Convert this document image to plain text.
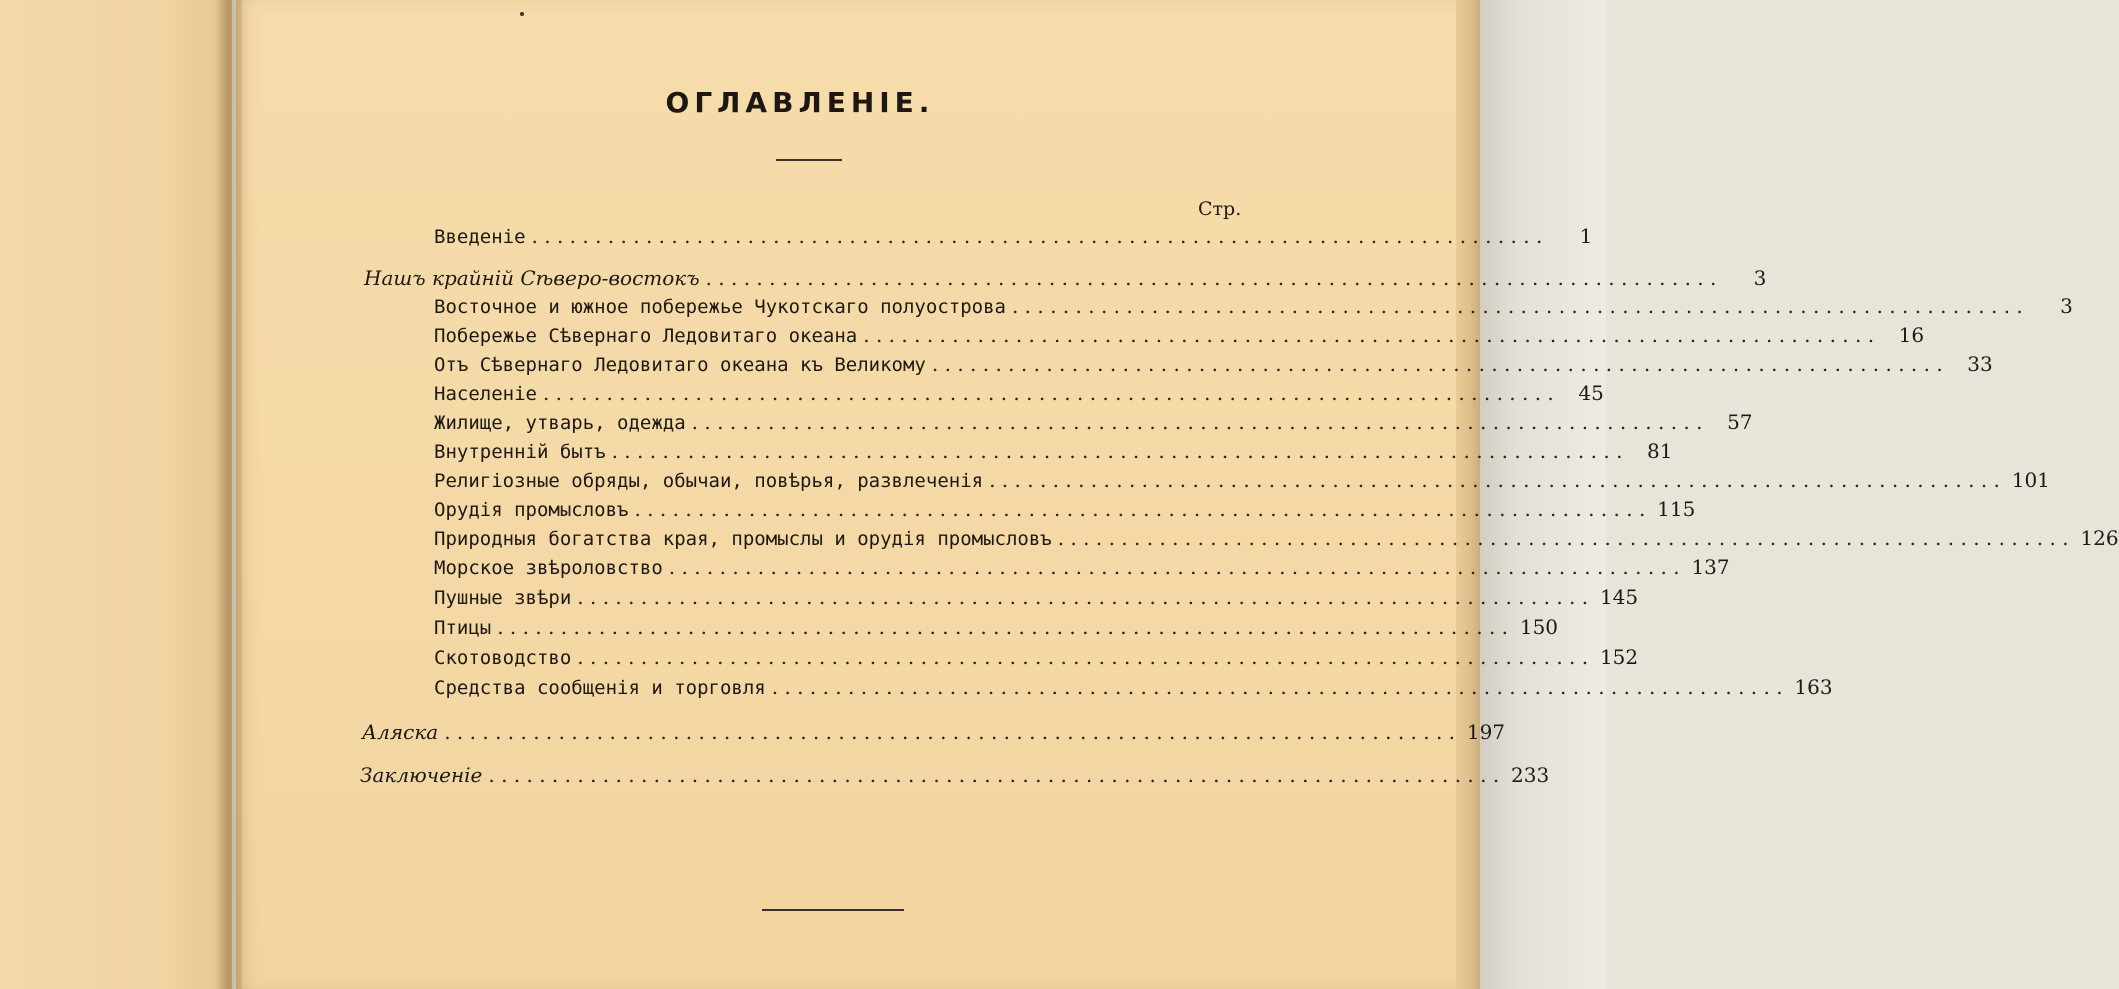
ОГЛАВЛЕНІЕ.
Стр.
Введеніе . . . . . . . . . . . . . . . . . . . . . . . . . . . . . . . . . . . . . . . . . . . . . . . . . . . . . . . . . . . . . . . . . . . . . . . . . . . . . . . .	1
Нашъ крайній Сѣверо-востокъ . . . . . . . . . . . . . . . . . . . . . . . . . . . . . . . . . . . . . . . . . . . . . . . . . . . . . . . . . . . . . . . . . . . . . . . . . . . . . . . .	3
Восточное и южное побережье Чукотскаго полуострова . . . . . . . . . . . . . . . . . . . . . . . . . . . . . . . . . . . . . . . . . . . . . . . . . . . . . . . . . . . . . . . . . . . . . . . . . . . . . . . .	3
Побережье Сѣвернаго Ледовитаго океана . . . . . . . . . . . . . . . . . . . . . . . . . . . . . . . . . . . . . . . . . . . . . . . . . . . . . . . . . . . . . . . . . . . . . . . . . . . . . . . .	16
Отъ Сѣвернаго Ледовитаго океана къ Великому . . . . . . . . . . . . . . . . . . . . . . . . . . . . . . . . . . . . . . . . . . . . . . . . . . . . . . . . . . . . . . . . . . . . . . . . . . . . . . . .	33
Населеніе . . . . . . . . . . . . . . . . . . . . . . . . . . . . . . . . . . . . . . . . . . . . . . . . . . . . . . . . . . . . . . . . . . . . . . . . . . . . . . . .	45
Жилище, утварь, одежда . . . . . . . . . . . . . . . . . . . . . . . . . . . . . . . . . . . . . . . . . . . . . . . . . . . . . . . . . . . . . . . . . . . . . . . . . . . . . . . .	57
Внутренній бытъ . . . . . . . . . . . . . . . . . . . . . . . . . . . . . . . . . . . . . . . . . . . . . . . . . . . . . . . . . . . . . . . . . . . . . . . . . . . . . . . .	81
Религіозные обряды, обычаи, повѣрья, развлеченія . . . . . . . . . . . . . . . . . . . . . . . . . . . . . . . . . . . . . . . . . . . . . . . . . . . . . . . . . . . . . . . . . . . . . . . . . . . . . . . . 101
Орудія промысловъ . . . . . . . . . . . . . . . . . . . . . . . . . . . . . . . . . . . . . . . . . . . . . . . . . . . . . . . . . . . . . . . . . . . . . . . . . . . . . . . . 115
Природныя богатства края, промыслы и орудія промысловъ . . . . . . . . . . . . . . . . . . . . . . . . . . . . . . . . . . . . . . . . . . . . . . . . . . . . . . . . . . . . . . . . . . . . . . . . . . . . . . . . 126
Морское звѣроловство . . . . . . . . . . . . . . . . . . . . . . . . . . . . . . . . . . . . . . . . . . . . . . . . . . . . . . . . . . . . . . . . . . . . . . . . . . . . . . . . 137
Пушные звѣри . . . . . . . . . . . . . . . . . . . . . . . . . . . . . . . . . . . . . . . . . . . . . . . . . . . . . . . . . . . . . . . . . . . . . . . . . . . . . . . . 145
Птицы . . . . . . . . . . . . . . . . . . . . . . . . . . . . . . . . . . . . . . . . . . . . . . . . . . . . . . . . . . . . . . . . . . . . . . . . . . . . . . . . 150
Скотоводство . . . . . . . . . . . . . . . . . . . . . . . . . . . . . . . . . . . . . . . . . . . . . . . . . . . . . . . . . . . . . . . . . . . . . . . . . . . . . . . . 152
Средства сообщенія и торговля . . . . . . . . . . . . . . . . . . . . . . . . . . . . . . . . . . . . . . . . . . . . . . . . . . . . . . . . . . . . . . . . . . . . . . . . . . . . . . . . 163
Аляска . . . . . . . . . . . . . . . . . . . . . . . . . . . . . . . . . . . . . . . . . . . . . . . . . . . . . . . . . . . . . . . . . . . . . . . . . . . . . . . . 197
Заключеніе . . . . . . . . . . . . . . . . . . . . . . . . . . . . . . . . . . . . . . . . . . . . . . . . . . . . . . . . . . . . . . . . . . . . . . . . . . . . . . . . 233
